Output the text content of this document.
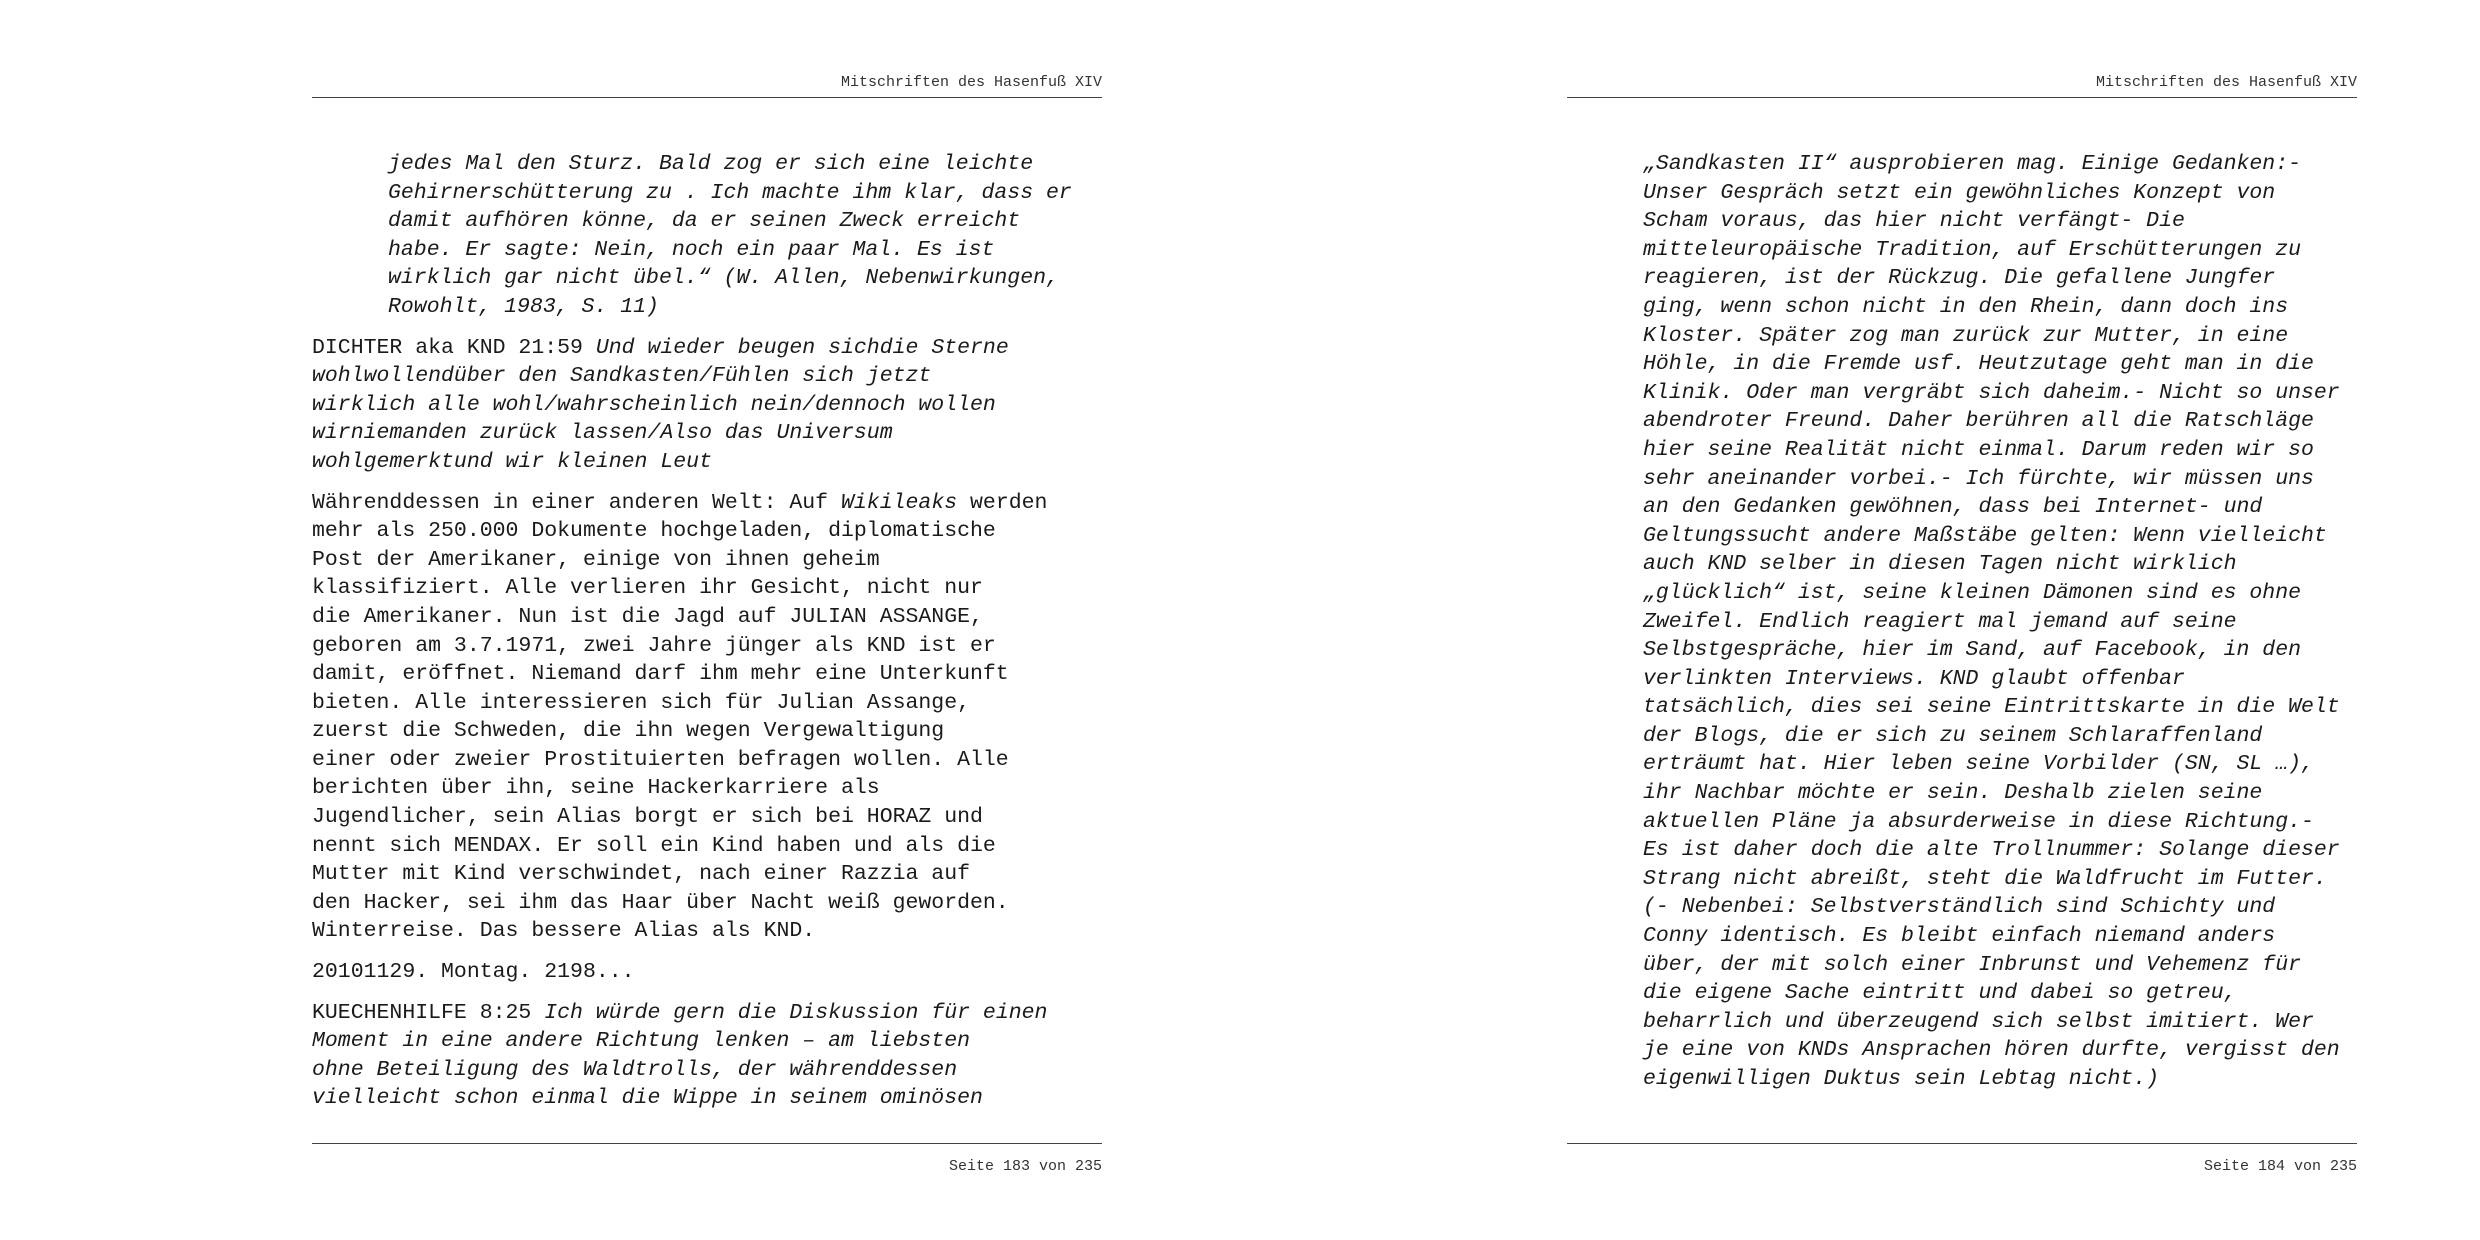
Mitschriften des Hasenfuß XIV
jedes Mal den Sturz. Bald zog er sich eine leichte
Gehirnerschütterung zu . Ich machte ihm klar, dass er
damit aufhören könne, da er seinen Zweck erreicht
habe. Er sagte: Nein, noch ein paar Mal. Es ist
wirklich gar nicht übel.“ (W. Allen, Nebenwirkungen,
Rowohlt, 1983, S. 11)
DICHTER aka KND 21:59 Und wieder beugen sichdie Sterne
wohlwollendüber den Sandkasten/Fühlen sich jetzt
wirklich alle wohl/wahrscheinlich nein/dennoch wollen
wirniemanden zurück lassen/Also das Universum
wohlgemerktund wir kleinen Leut
Währenddessen in einer anderen Welt: Auf Wikileaks werden
mehr als 250.000 Dokumente hochgeladen, diplomatische
Post der Amerikaner, einige von ihnen geheim
klassifiziert. Alle verlieren ihr Gesicht, nicht nur
die Amerikaner. Nun ist die Jagd auf JULIAN ASSANGE,
geboren am 3.7.1971, zwei Jahre jünger als KND ist er
damit, eröffnet. Niemand darf ihm mehr eine Unterkunft
bieten. Alle interessieren sich für Julian Assange,
zuerst die Schweden, die ihn wegen Vergewaltigung
einer oder zweier Prostituierten befragen wollen. Alle
berichten über ihn, seine Hackerkarriere als
Jugendlicher, sein Alias borgt er sich bei HORAZ und
nennt sich MENDAX. Er soll ein Kind haben und als die
Mutter mit Kind verschwindet, nach einer Razzia auf
den Hacker, sei ihm das Haar über Nacht weiß geworden.
Winterreise. Das bessere Alias als KND.
20101129. Montag. 2198...
KUECHENHILFE 8:25 Ich würde gern die Diskussion für einen
Moment in eine andere Richtung lenken – am liebsten
ohne Beteiligung des Waldtrolls, der währenddessen
vielleicht schon einmal die Wippe in seinem ominösen
Seite 183 von 235
Mitschriften des Hasenfuß XIV
„Sandkasten II“ ausprobieren mag. Einige Gedanken:-
Unser Gespräch setzt ein gewöhnliches Konzept von
Scham voraus, das hier nicht verfängt- Die
mitteleuropäische Tradition, auf Erschütterungen zu
reagieren, ist der Rückzug. Die gefallene Jungfer
ging, wenn schon nicht in den Rhein, dann doch ins
Kloster. Später zog man zurück zur Mutter, in eine
Höhle, in die Fremde usf. Heutzutage geht man in die
Klinik. Oder man vergräbt sich daheim.- Nicht so unser
abendroter Freund. Daher berühren all die Ratschläge
hier seine Realität nicht einmal. Darum reden wir so
sehr aneinander vorbei.- Ich fürchte, wir müssen uns
an den Gedanken gewöhnen, dass bei Internet- und
Geltungssucht andere Maßstäbe gelten: Wenn vielleicht
auch KND selber in diesen Tagen nicht wirklich
„glücklich“ ist, seine kleinen Dämonen sind es ohne
Zweifel. Endlich reagiert mal jemand auf seine
Selbstgespräche, hier im Sand, auf Facebook, in den
verlinkten Interviews. KND glaubt offenbar
tatsächlich, dies sei seine Eintrittskarte in die Welt
der Blogs, die er sich zu seinem Schlaraffenland
erträumt hat. Hier leben seine Vorbilder (SN, SL …),
ihr Nachbar möchte er sein. Deshalb zielen seine
aktuellen Pläne ja absurderweise in diese Richtung.-
Es ist daher doch die alte Trollnummer: Solange dieser
Strang nicht abreißt, steht die Waldfrucht im Futter.
(- Nebenbei: Selbstverständlich sind Schichty und
Conny identisch. Es bleibt einfach niemand anders
über, der mit solch einer Inbrunst und Vehemenz für
die eigene Sache eintritt und dabei so getreu,
beharrlich und überzeugend sich selbst imitiert. Wer
je eine von KNDs Ansprachen hören durfte, vergisst den
eigenwilligen Duktus sein Lebtag nicht.)
Seite 184 von 235
